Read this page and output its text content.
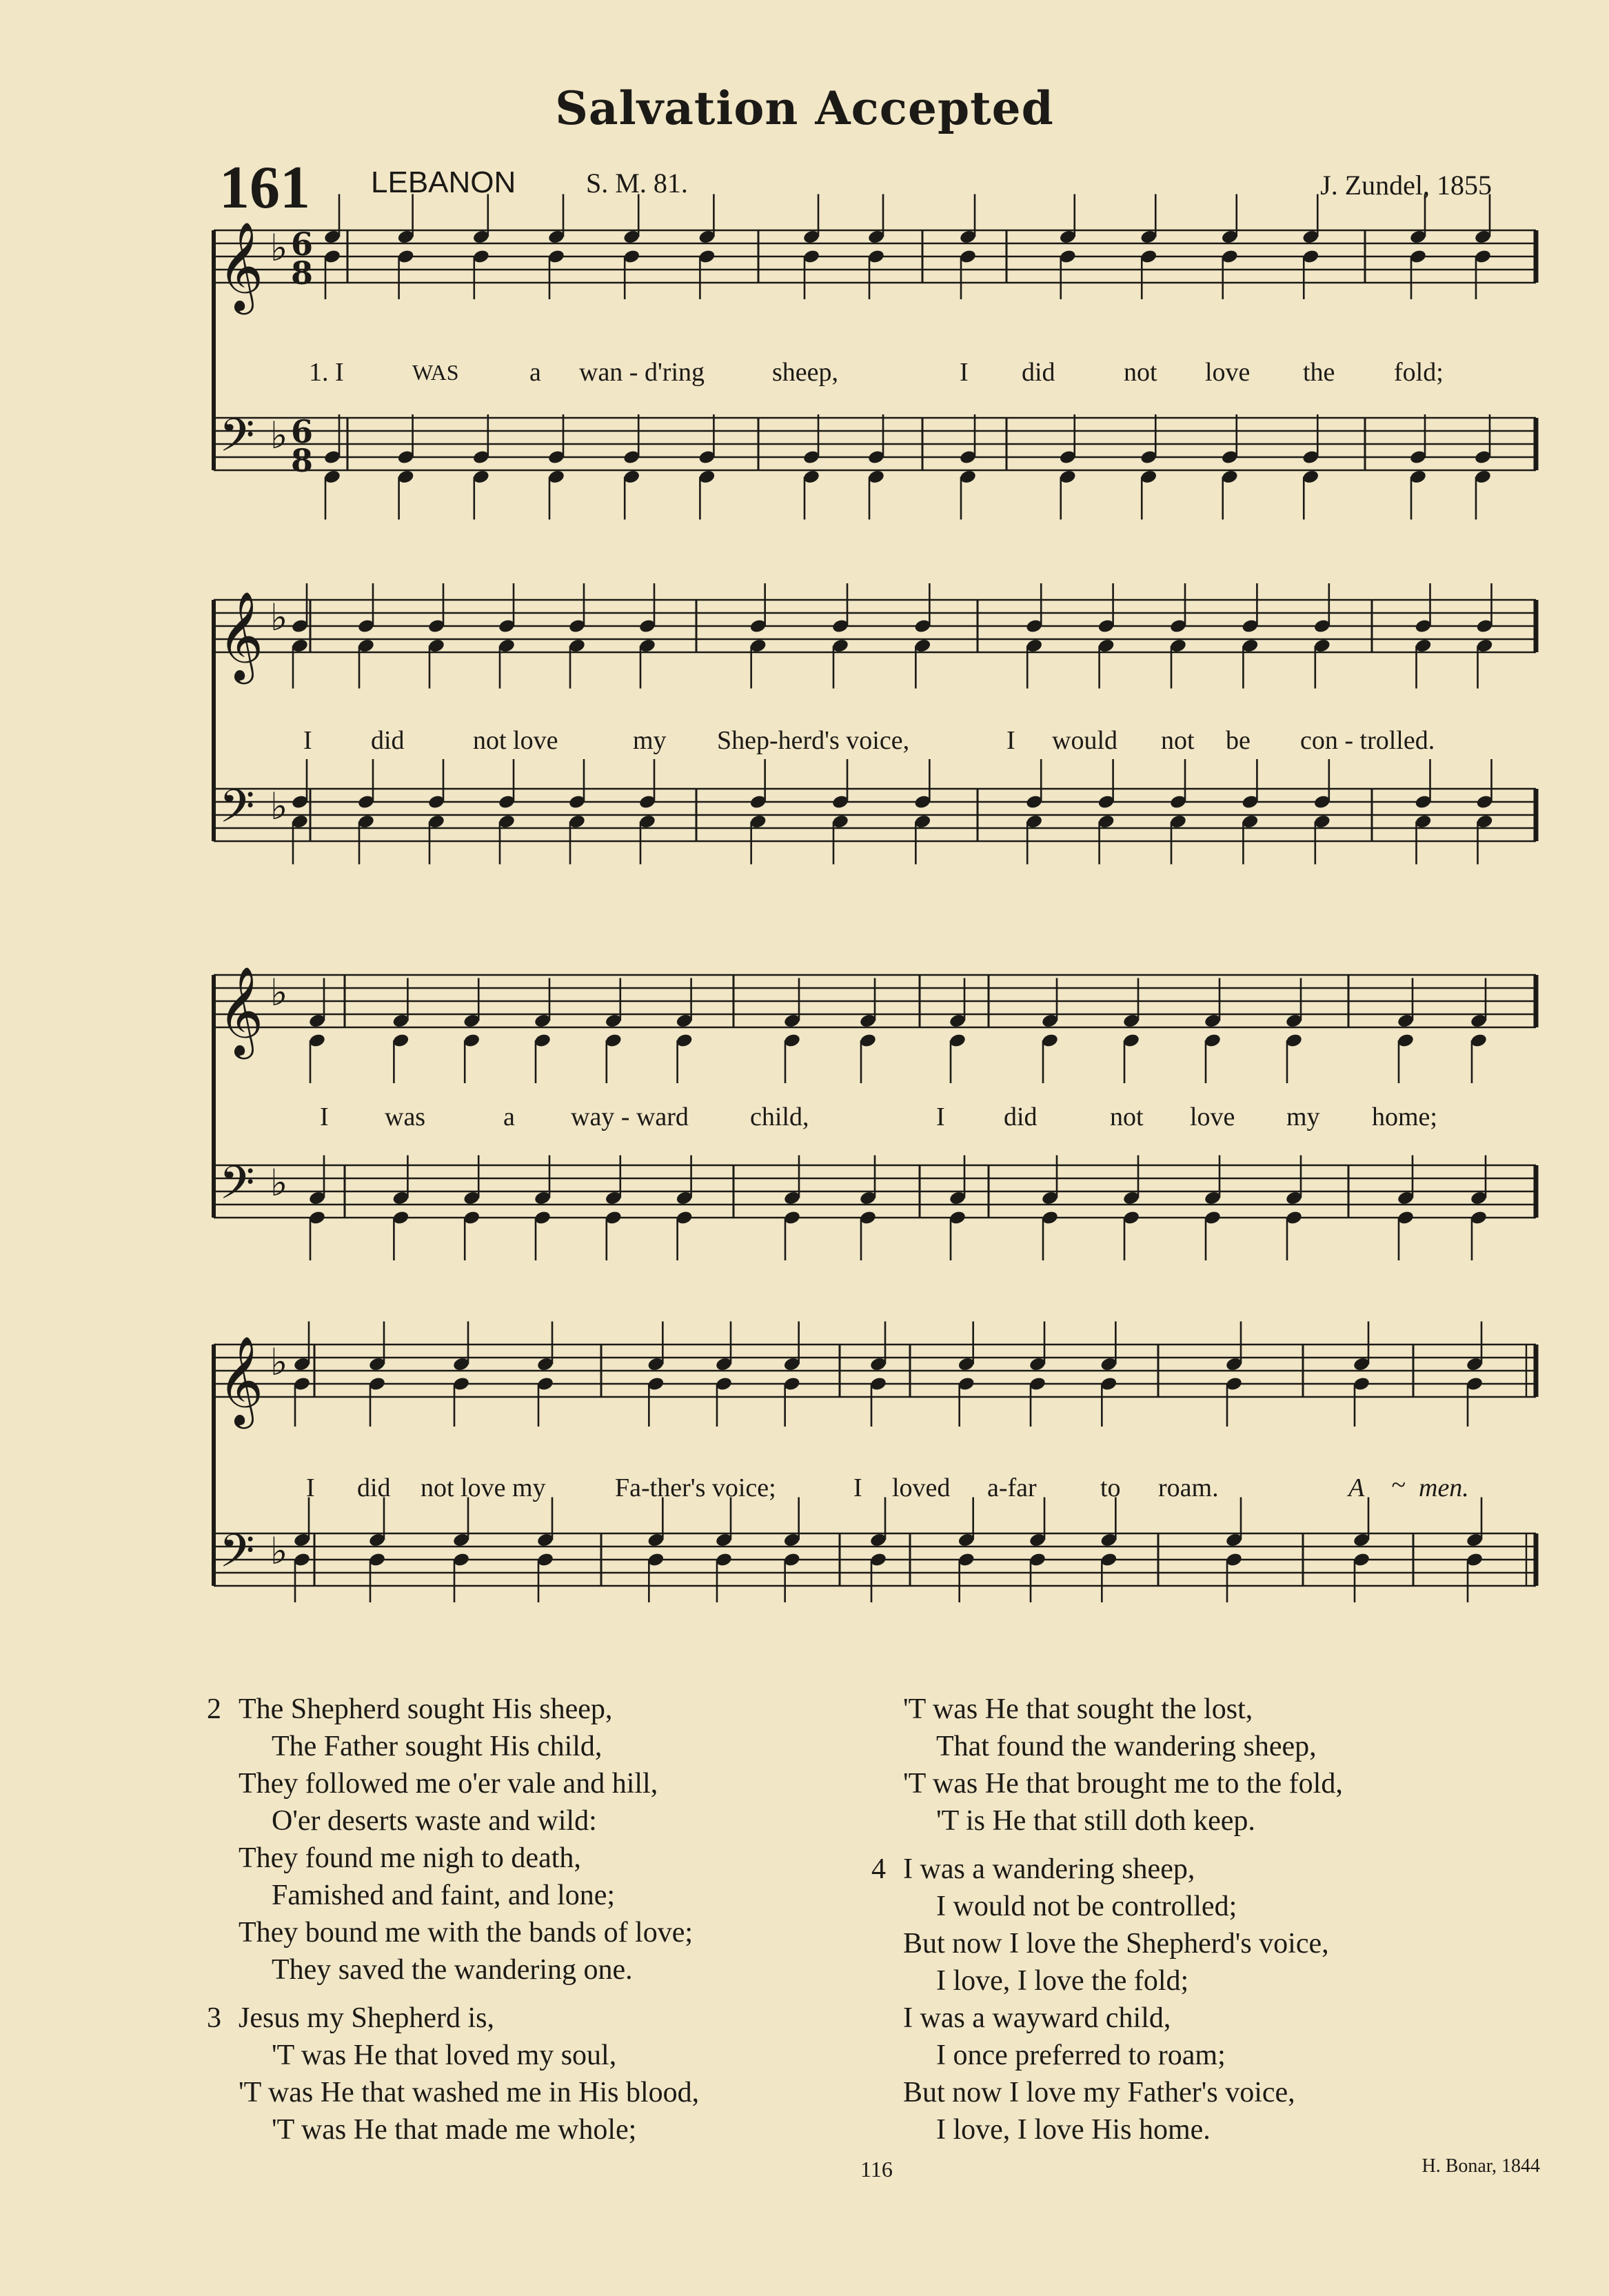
Salvation Accepted
161 LEBANON	S. M. 81.	J. Zundel, 1855
𝄞 ♭ 6
8
𝄢 ♭ 6
8
𝄞 ♭
𝄢 ♭
𝄞 ♭
𝄢 ♭
𝄞 ♭
𝄢 ♭
1. I	WAS	a wan - d'ring	sheep,	I did	not love the fold;
I did	not love	my Shep-herd's voice,	I would not be con - trolled.
I was	a way - ward child,	I did	not love my home;
I did not love my	Fa-ther's voice;	I loved a-far to roam.	A ~ men.
2 The Shepherd sought His sheep,
The Father sought His child,
They followed me o'er vale and hill,
O'er deserts waste and wild:
They found me nigh to death,
Famished and faint, and lone;
They bound me with the bands of love;
They saved the wandering one.
3 Jesus my Shepherd is,
'T was He that loved my soul,
'T was He that washed me in His blood,
'T was He that made me whole;
'T was He that sought the lost,
That found the wandering sheep,
'T was He that brought me to the fold,
'T is He that still doth keep.
4 I was a wandering sheep,
I would not be controlled;
But now I love the Shepherd's voice,
I love, I love the fold;
I was a wayward child,
I once preferred to roam;
But now I love my Father's voice,
I love, I love His home.
116	H. Bonar, 1844
